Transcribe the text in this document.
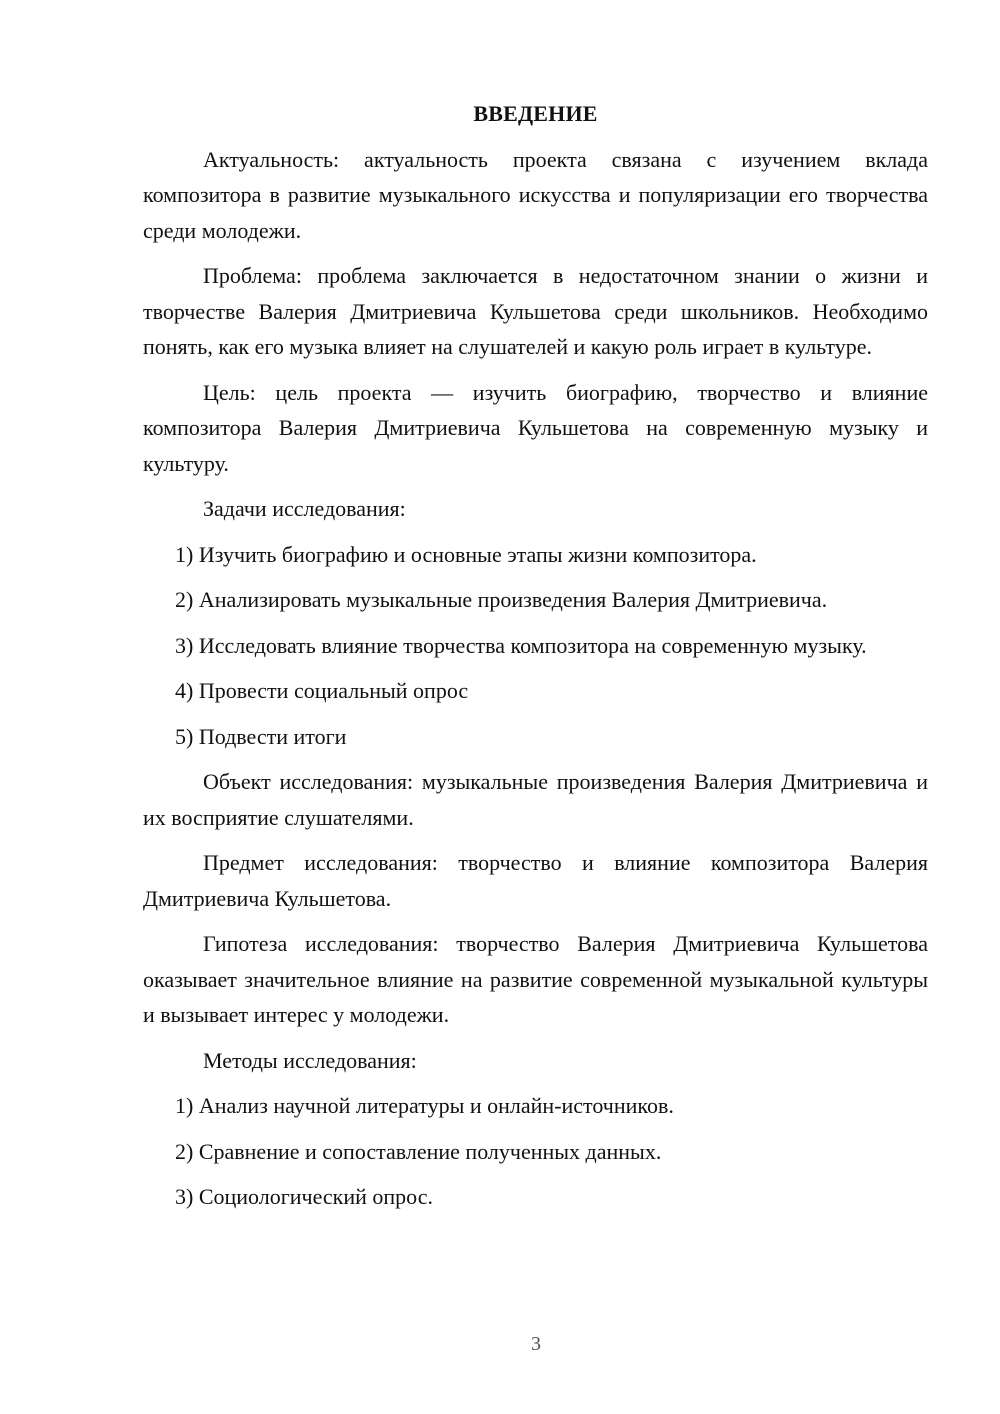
ВВЕДЕНИЕ
Актуальность: актуальность проекта связана с изучением вклада композитора в развитие музыкального искусства и популяризации его творчества среди молодежи.
Проблема: проблема заключается в недостаточном знании о жизни и творчестве Валерия Дмитриевича Кульшетова среди школьников. Необходимо понять, как его музыка влияет на слушателей и какую роль играет в культуре.
Цель: цель проекта — изучить биографию, творчество и влияние композитора Валерия Дмитриевича Кульшетова на современную музыку и культуру.
Задачи исследования:
1) Изучить биографию и основные этапы жизни композитора.
2) Анализировать музыкальные произведения Валерия Дмитриевича.
3) Исследовать влияние творчества композитора на современную музыку.
4) Провести социальный опрос
5) Подвести итоги
Объект исследования: музыкальные произведения Валерия Дмитриевича и их восприятие слушателями.
Предмет исследования: творчество и влияние композитора Валерия Дмитриевича Кульшетова.
Гипотеза исследования: творчество Валерия Дмитриевича Кульшетова оказывает значительное влияние на развитие современной музыкальной культуры и вызывает интерес у молодежи.
Методы исследования:
1) Анализ научной литературы и онлайн-источников.
2) Сравнение и сопоставление полученных данных.
3) Социологический опрос.
3
